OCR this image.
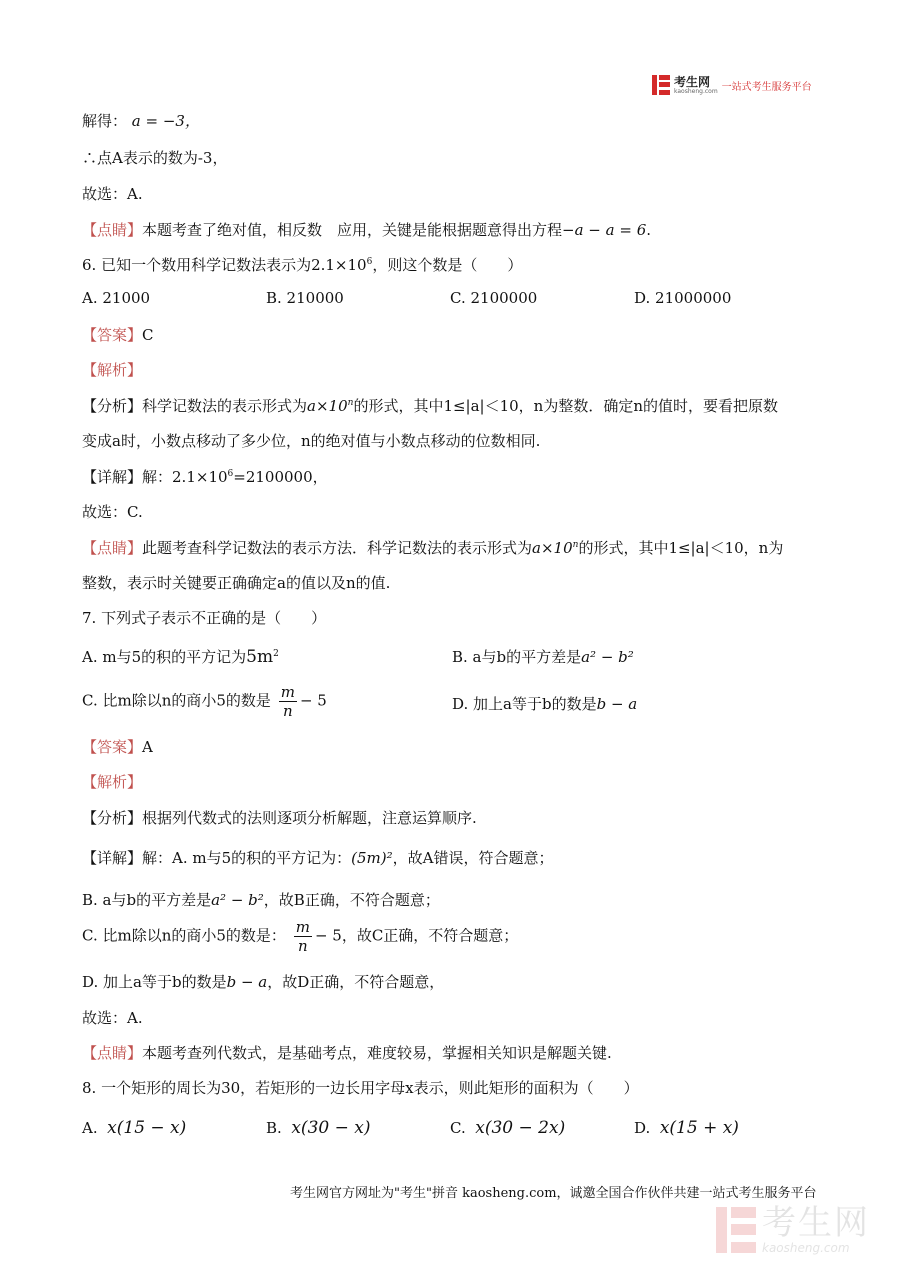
考生网
kaosheng.com 一站式考生服务平台
解得： a = −3，
∴点A表示的数为-3，
故选：A.
【点睛】本题考查了绝对值，相反数　应用，关键是能根据题意得出方程−a − a = 6.
6. 已知一个数用科学记数法表示为$2.1\times 10^6$，则这个数是（　　）
A. 21000	B. 210000	C. 2100000	D. 21000000
【答案】C
【解析】
【分析】科学记数法的表示形式为$a\times 10^n$的形式，其中1≤|a|＜10，n为整数．确定n的值时，要看把原数
变成a时，小数点移动了多少位，n的绝对值与小数点移动的位数相同.
【详解】解：$2.1\times 10^6=2100000$，
故选：C.
【点睛】此题考查科学记数法的表示方法．科学记数法的表示形式为$a\times 10^n$的形式，其中1≤|a|＜10，n为
整数，表示时关键要正确确定a的值以及n的值.
7. 下列式子表示不正确的是（　　）
A. m与5的积的平方记为$5m^2$	B. a与b的平方差是a² − b²
C. 比m除以n的商小5的数是 $\frac{m}{n} - 5$	D. 加上a等于b的数是b − a
【答案】A
【解析】
【分析】根据列代数式的法则逐项分析解题，注意运算顺序.
【详解】解：A. m与5的积的平方记为：(5m)²，故A错误，符合题意；
B. a与b的平方差是a² − b²，故B正确，不符合题意；
C. 比m除以n的商小5的数是： $\frac{m}{n} - 5$，故C正确，不符合题意；
D. 加上a等于b的数是b − a，故D正确，不符合题意，
故选：A.
【点睛】本题考查列代数式，是基础考点，难度较易，掌握相关知识是解题关键.
8. 一个矩形的周长为30，若矩形的一边长用字母x表示，则此矩形的面积为（　　）
A. x(15 − x)	B. x(30 − x)	C. x(30 − 2x)	D. x(15 + x)
考生网官方网址为"考生"拼音 kaosheng.com，诚邀全国合作伙伴共建一站式考生服务平台
考生网
kaosheng.com
